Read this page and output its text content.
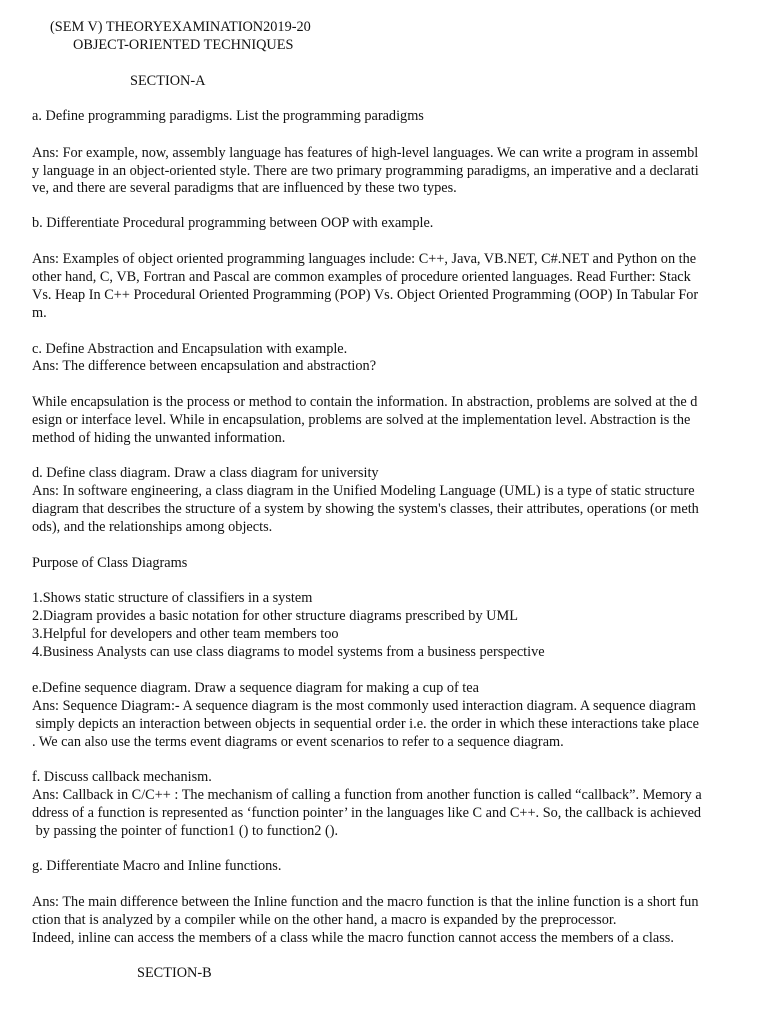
(SEM V) THEORYEXAMINATION2019-20

OBJECT-ORIENTED TECHNIQUES

SECTION-A

a. Define programming paradigms. List the programming paradigms

Ans: For example, now, assembly language has features of high-level languages. We can write a program in assembl

y language in an object-oriented style. There are two primary programming paradigms, an imperative and a declarati

ve, and there are several paradigms that are influenced by these two types.

b. Differentiate Procedural programming between OOP with example.

Ans: Examples of object oriented programming languages include: C++, Java, VB.NET, C#.NET and Python on the

other hand, C, VB, Fortran and Pascal are common examples of procedure oriented languages. Read Further: Stack

Vs. Heap In C++ Procedural Oriented Programming (POP) Vs. Object Oriented Programming (OOP) In Tabular For

m.

c. Define Abstraction and Encapsulation with example.

Ans: The difference between encapsulation and abstraction?

While encapsulation is the process or method to contain the information. In abstraction, problems are solved at the d

esign or interface level. While in encapsulation, problems are solved at the implementation level. Abstraction is the

method of hiding the unwanted information.

d. Define class diagram. Draw a class diagram for university

Ans: In software engineering, a class diagram in the Unified Modeling Language (UML) is a type of static structure

diagram that describes the structure of a system by showing the system's classes, their attributes, operations (or meth

ods), and the relationships among objects.

Purpose of Class Diagrams

1.Shows static structure of classifiers in a system

2.Diagram provides a basic notation for other structure diagrams prescribed by UML

3.Helpful for developers and other team members too

4.Business Analysts can use class diagrams to model systems from a business perspective

e.Define sequence diagram. Draw a sequence diagram for making a cup of tea

Ans: Sequence Diagram:- A sequence diagram is the most commonly used interaction diagram. A sequence diagram

simply depicts an interaction between objects in sequential order i.e. the order in which these interactions take place

. We can also use the terms event diagrams or event scenarios to refer to a sequence diagram.

f. Discuss callback mechanism.

Ans: Callback in C/C++ : The mechanism of calling a function from another function is called “callback”. Memory a

ddress of a function is represented as ‘function pointer’ in the languages like C and C++. So, the callback is achieved

by passing the pointer of function1 () to function2 ().

g. Differentiate Macro and Inline functions.

Ans: The main difference between the Inline function and the macro function is that the inline function is a short fun

ction that is analyzed by a compiler while on the other hand, a macro is expanded by the preprocessor.

Indeed, inline can access the members of a class while the macro function cannot access the members of a class.

SECTION-B
